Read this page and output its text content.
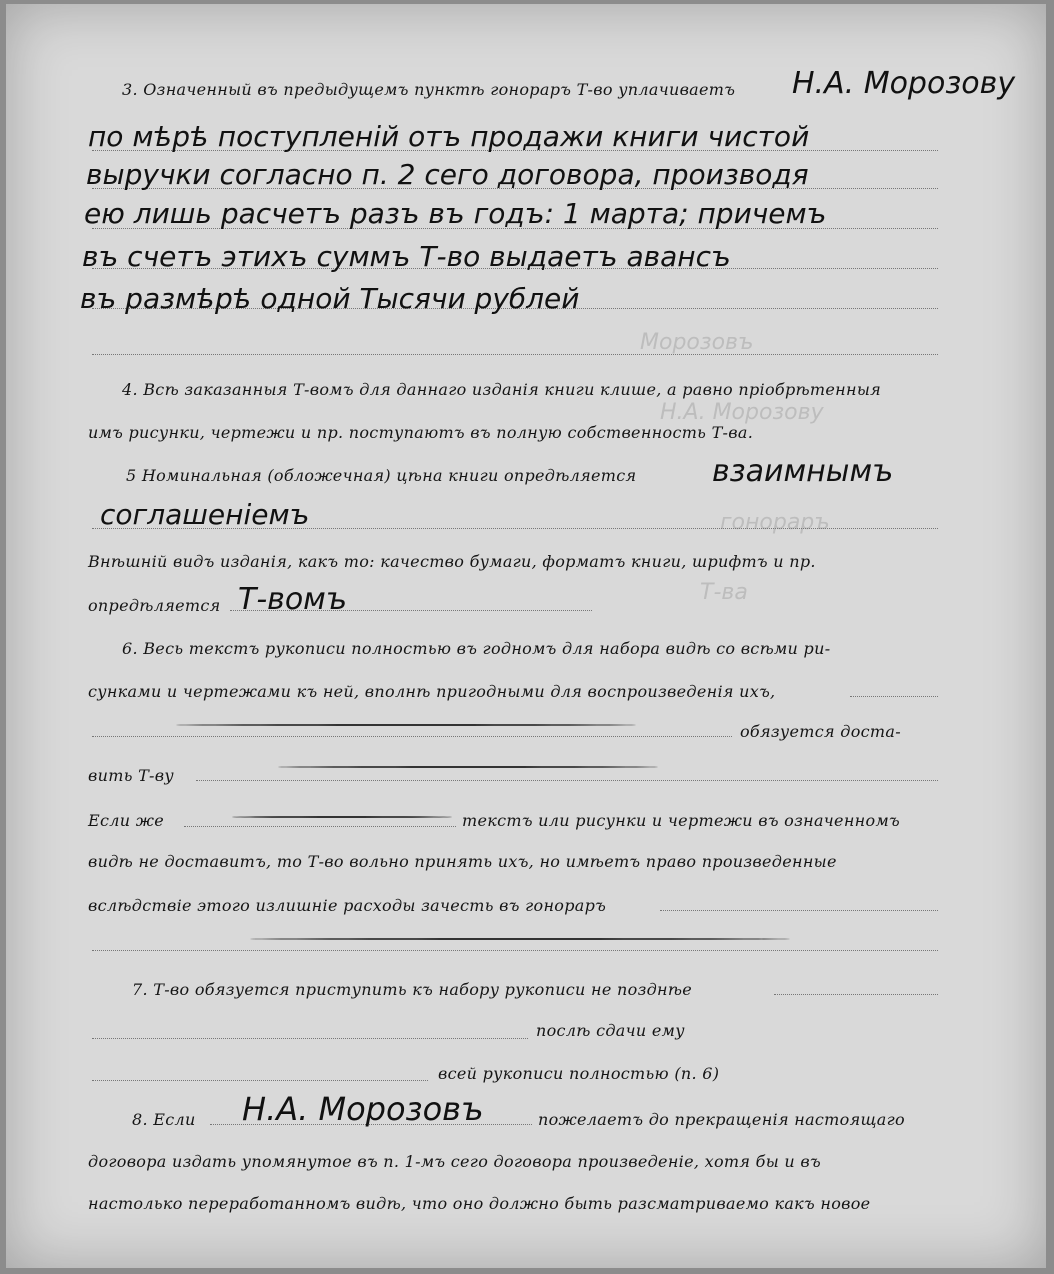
Морозовъ
Н.А. Морозову
гонораръ
Т-ва
3. Означенный въ предыдущемъ пунктѣ гонораръ Т-во уплачиваетъ Н.А. Морозову
по мѣрѣ поступленій отъ продажи книги чистой
выручки согласно п. 2 сего договора, производя
ею лишь расчетъ разъ въ годъ: 1 марта; причемъ
въ счетъ этихъ суммъ Т-во выдаетъ авансъ
въ размѣрѣ одной Тысячи рублей
4. Всѣ заказанныя Т-вомъ для даннаго изданія книги клише, а равно пріобрѣтенныя
имъ рисунки, чертежи и пр. поступаютъ въ полную собственность Т-ва.
5 Номинальная (обложечная) цѣна книги опредѣляется	взаимнымъ
соглашеніемъ
Внѣшній видъ изданія, какъ то: качество бумаги, форматъ книги, шрифтъ и пр.
опредѣляется Т-вомъ
6. Весь текстъ рукописи полностью въ годномъ для набора видѣ со всѣми ри-
сунками и чертежами къ ней, вполнѣ пригодными для воспроизведенія ихъ,
обязуется доста-
вить Т-ву
Если же	текстъ или рисунки и чертежи въ означенномъ
видѣ не доставитъ, то Т-во вольно принять ихъ, но имѣетъ право произведенные
вслѣдствіе этого излишніе расходы зачесть въ гонораръ
7. Т-во обязуется приступить къ набору рукописи не позднѣе
послѣ сдачи ему
всей рукописи полностью (п. 6)
8. Если Н.А. Морозовъ	пожелаетъ до прекращенія настоящаго
договора издать упомянутое въ п. 1-мъ сего договора произведеніе, хотя бы и въ
настолько переработанномъ видѣ, что оно должно быть разсматриваемо какъ новое
